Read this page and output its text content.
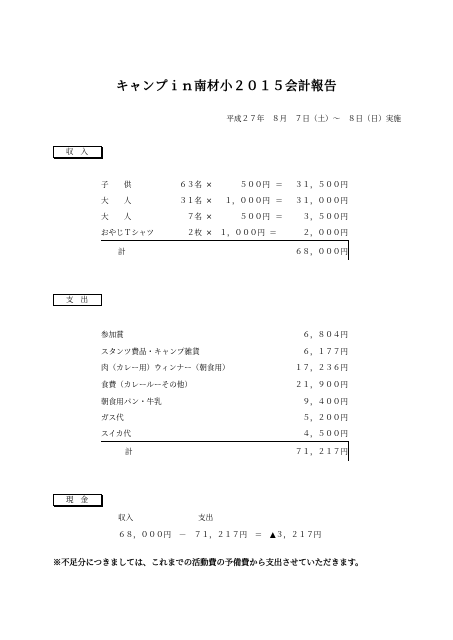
キャンプｉｎ南材小２０１５会計報告
平成２７年　８月　７日（土）～　８日（日）実施
収入
子　　供	６３名 ×	５００円 ＝	３１，５００円
大　　人	３１名 ×	１，０００円 ＝	３１，０００円
大　　人	７名 ×	５００円 ＝	３，５００円
おやじＴシャツ	２枚 × １，０００円 ＝	２，０００円
計	６８，０００円
支出
参加賞	６，８０４円
スタンツ費品・キャンプ雑貨	６，１７７円
肉（カレー用）ウィンナー（朝食用）	１７，２３６円
食費（カレールーその他）	２１，９００円
朝食用パン・牛乳	９，４００円
ガス代	５，２００円
スイカ代	４，５００円
計	７１，２１７円
現金
収入	支出
６８，０００円　－　７１，２１７円　＝　▲３，２１７円
※不足分につきましては、これまでの活動費の予備費から支出させていただきます。
